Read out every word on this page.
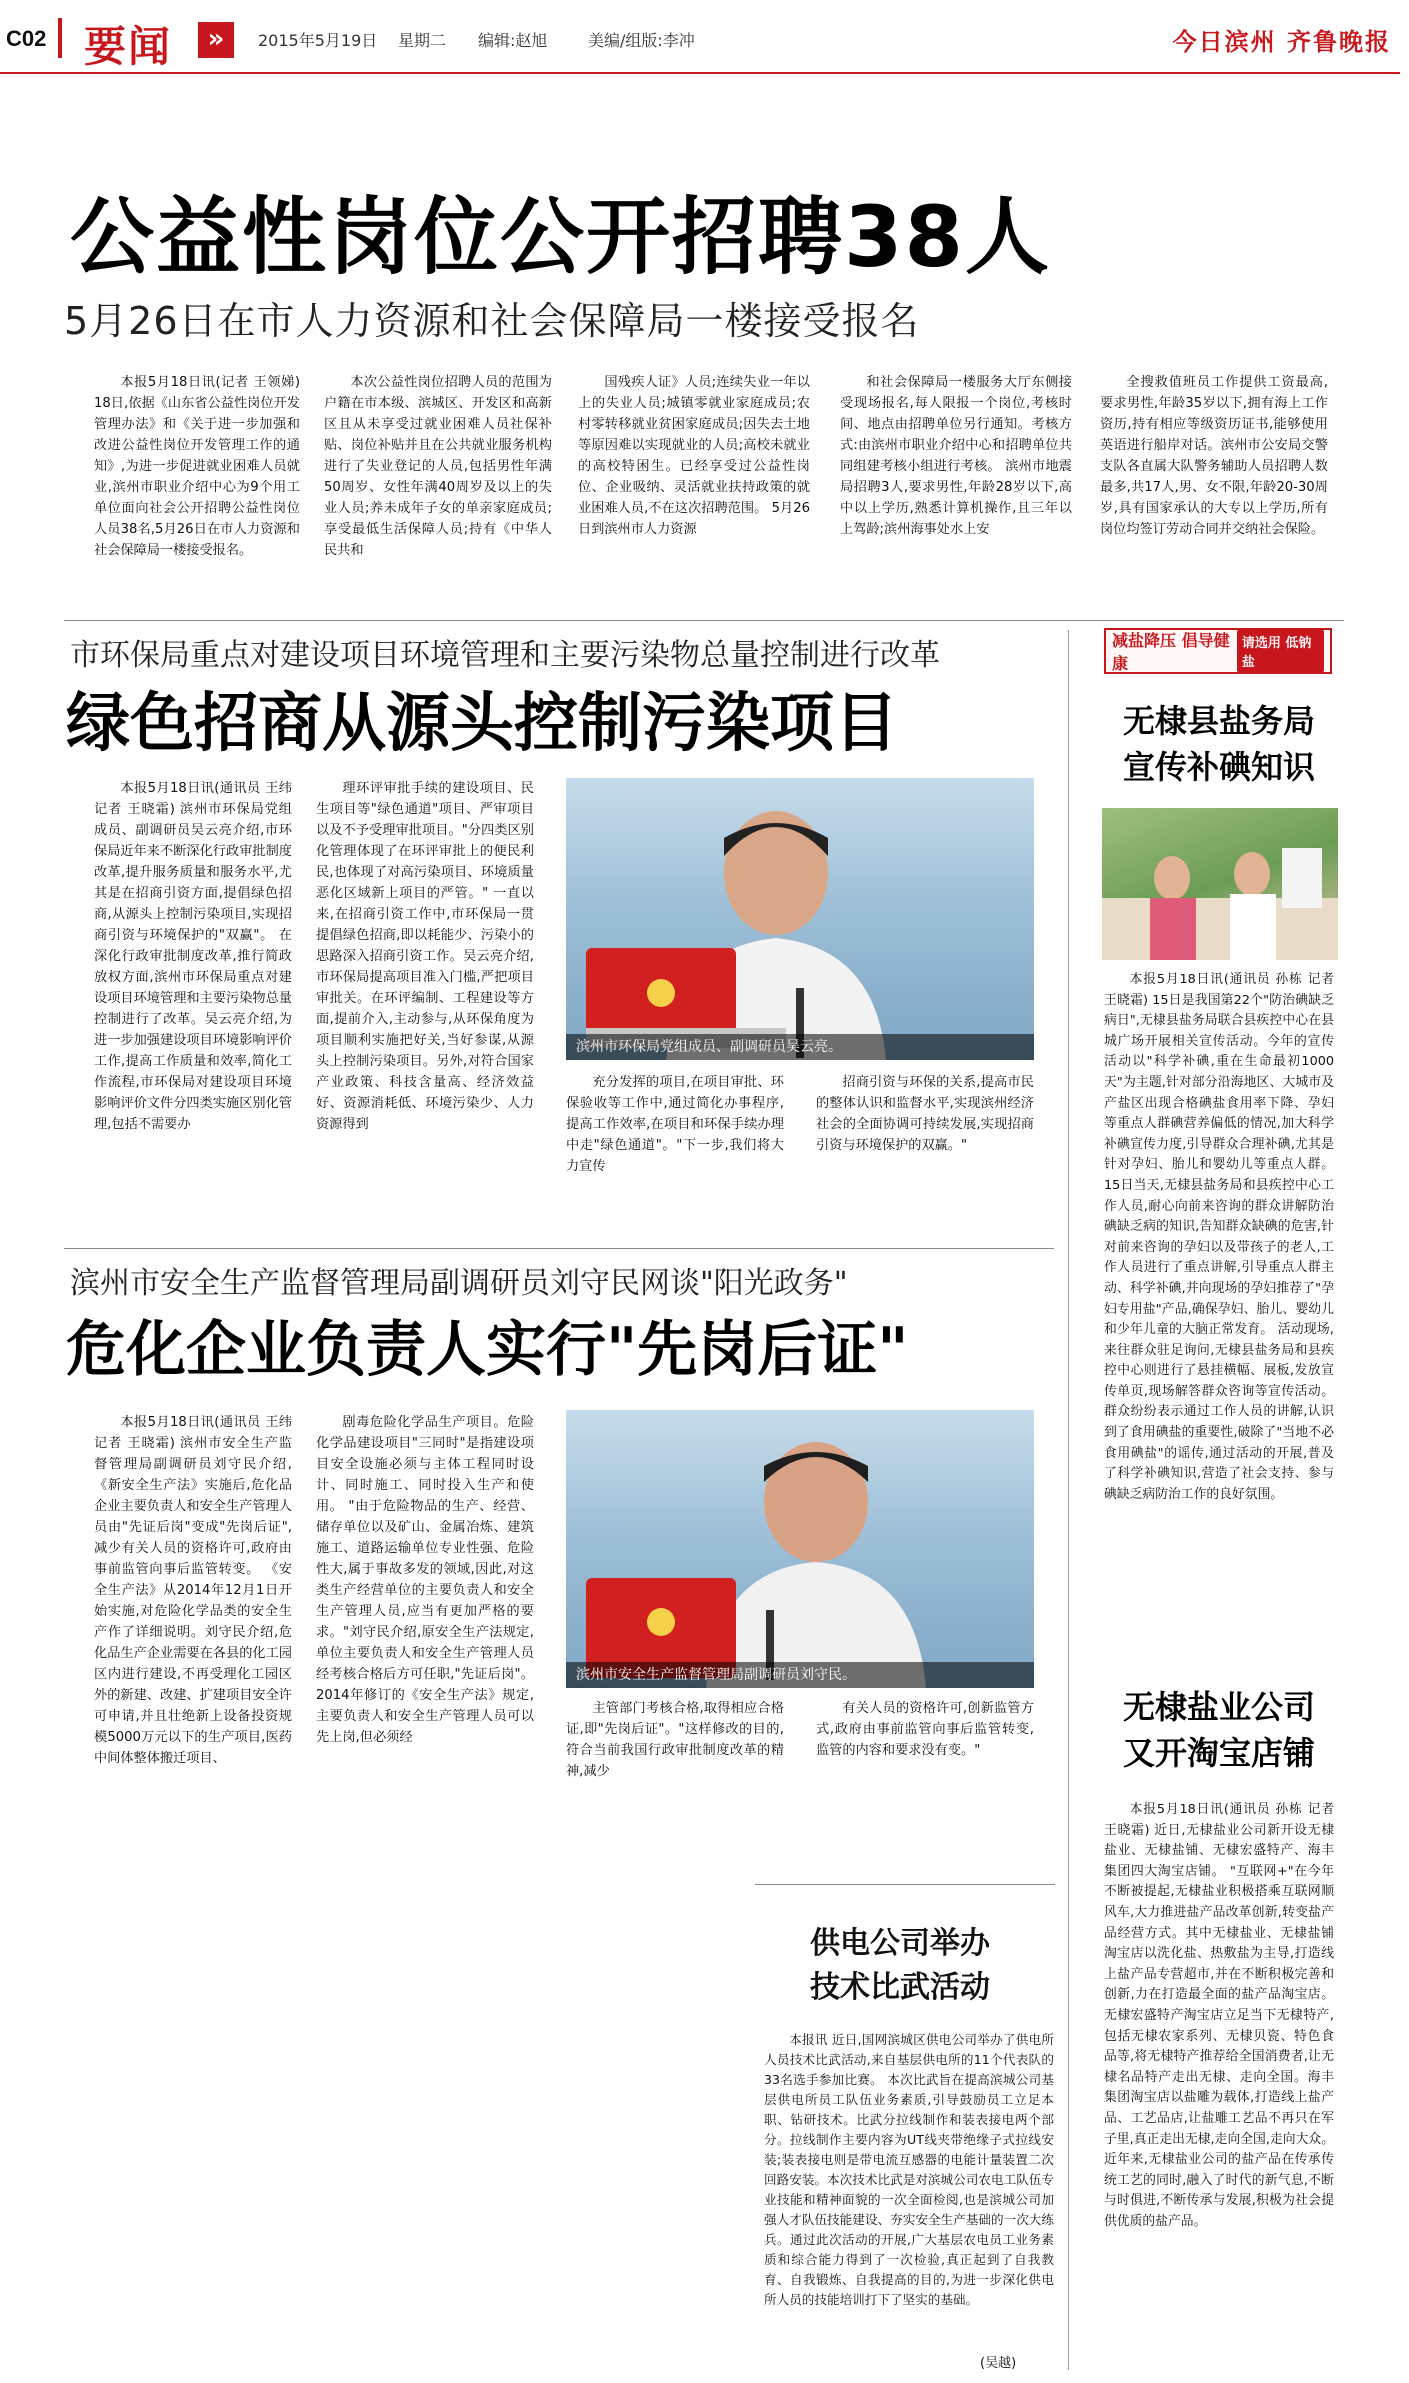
C02 要闻	»	2015年5月19日 星期二 编辑:赵旭	美编/组版:李冲	今日滨州 齐鲁晚报
公益性岗位公开招聘38人
5月26日在市人力资源和社会保障局一楼接受报名

本报5月18日讯(记者 王领娣) 18日,依据《山东省公益性岗位开发管理办法》和《关于进一步加强和改进公益性岗位开发管理工作的通知》,为进一步促进就业困难人员就业,滨州市职业介绍中心为9个用工单位面向社会公开招聘公益性岗位人员38名,5月26日在市人力资源和社会保障局一楼接受报名。

本次公益性岗位招聘人员的范围为户籍在市本级、滨城区、开发区和高新区且从未享受过就业困难人员社保补贴、岗位补贴并且在公共就业服务机构进行了失业登记的人员,包括男性年满50周岁、女性年满40周岁及以上的失业人员;养未成年子女的单亲家庭成员;享受最低生活保障人员;持有《中华人民共和

国残疾人证》人员;连续失业一年以上的失业人员;城镇零就业家庭成员;农村零转移就业贫困家庭成员;因失去土地等原因难以实现就业的人员;高校未就业的高校特困生。已经享受过公益性岗位、企业吸纳、灵活就业扶持政策的就业困难人员,不在这次招聘范围。 5月26日到滨州市人力资源

和社会保障局一楼服务大厅东侧接受现场报名,每人限报一个岗位,考核时间、地点由招聘单位另行通知。考核方式:由滨州市职业介绍中心和招聘单位共同组建考核小组进行考核。 滨州市地震局招聘3人,要求男性,年龄28岁以下,高中以上学历,熟悉计算机操作,且三年以上驾龄;滨州海事处水上安

全搜救值班员工作提供工资最高,要求男性,年龄35岁以下,拥有海上工作资历,持有相应等级资历证书,能够使用英语进行船岸对话。滨州市公安局交警支队各直属大队警务辅助人员招聘人数最多,共17人,男、女不限,年龄20-30周岁,具有国家承认的大专以上学历,所有岗位均签订劳动合同并交纳社会保险。

市环保局重点对建设项目环境管理和主要污染物总量控制进行改革
绿色招商从源头控制污染项目

本报5月18日讯(通讯员 王纬 记者 王晓霜) 滨州市环保局党组成员、副调研员吴云亮介绍,市环保局近年来不断深化行政审批制度改革,提升服务质量和服务水平,尤其是在招商引资方面,提倡绿色招商,从源头上控制污染项目,实现招商引资与环境保护的"双赢"。 在深化行政审批制度改革,推行简政放权方面,滨州市环保局重点对建设项目环境管理和主要污染物总量控制进行了改革。吴云亮介绍,为进一步加强建设项目环境影响评价工作,提高工作质量和效率,简化工作流程,市环保局对建设项目环境影响评价文件分四类实施区别化管理,包括不需要办

理环评审批手续的建设项目、民生项目等"绿色通道"项目、严审项目以及不予受理审批项目。"分四类区别化管理体现了在环评审批上的便民利民,也体现了对高污染项目、环境质量恶化区域新上项目的严管。" 一直以来,在招商引资工作中,市环保局一贯提倡绿色招商,即以耗能少、污染小的思路深入招商引资工作。吴云亮介绍,市环保局提高项目准入门槛,严把项目审批关。在环评编制、工程建设等方面,提前介入,主动参与,从环保角度为项目顺利实施把好关,当好参谋,从源头上控制污染项目。另外,对符合国家产业政策、科技含量高、经济效益好、资源消耗低、环境污染少、人力资源得到

滨州市环保局党组成员、副调研员吴云亮。

充分发挥的项目,在项目审批、环保验收等工作中,通过简化办事程序,提高工作效率,在项目和环保手续办理中走"绿色通道"。"下一步,我们将大力宣传

招商引资与环保的关系,提高市民的整体认识和监督水平,实现滨州经济社会的全面协调可持续发展,实现招商引资与环境保护的双赢。"

滨州市安全生产监督管理局副调研员刘守民网谈"阳光政务"
危化企业负责人实行"先岗后证"

本报5月18日讯(通讯员 王纬 记者 王晓霜) 滨州市安全生产监督管理局副调研员刘守民介绍,《新安全生产法》实施后,危化品企业主要负责人和安全生产管理人员由"先证后岗"变成"先岗后证",减少有关人员的资格许可,政府由事前监管向事后监管转变。 《安全生产法》从2014年12月1日开始实施,对危险化学品类的安全生产作了详细说明。刘守民介绍,危化品生产企业需要在各县的化工园区内进行建设,不再受理化工园区外的新建、改建、扩建项目安全许可申请,并且壮绝新上设备投资规模5000万元以下的生产项目,医药中间体整体搬迁项目、

剧毒危险化学品生产项目。危险化学品建设项目"三同时"是指建设项目安全设施必须与主体工程同时设计、同时施工、同时投入生产和使用。 "由于危险物品的生产、经营、储存单位以及矿山、金属冶炼、建筑施工、道路运输单位专业性强、危险性大,属于事故多发的领域,因此,对这类生产经营单位的主要负责人和安全生产管理人员,应当有更加严格的要求。"刘守民介绍,原安全生产法规定,单位主要负责人和安全生产管理人员经考核合格后方可任职,"先证后岗"。2014年修订的《安全生产法》规定,主要负责人和安全生产管理人员可以先上岗,但必须经

滨州市安全生产监督管理局副调研员刘守民。

主管部门考核合格,取得相应合格证,即"先岗后证"。"这样修改的目的,符合当前我国行政审批制度改革的精神,减少

有关人员的资格许可,创新监管方式,政府由事前监管向事后监管转变,监管的内容和要求没有变。"

供电公司举办
技术比武活动

本报讯 近日,国网滨城区供电公司举办了供电所人员技术比武活动,来自基层供电所的11个代表队的33名选手参加比赛。 本次比武旨在提高滨城公司基层供电所员工队伍业务素质,引导鼓励员工立足本职、钻研技术。比武分拉线制作和装表接电两个部分。拉线制作主要内容为UT线夹带绝缘子式拉线安装;装表接电则是带电流互感器的电能计量装置二次回路安装。本次技术比武是对滨城公司农电工队伍专业技能和精神面貌的一次全面检阅,也是滨城公司加强人才队伍技能建设、夯实安全生产基础的一次大练兵。通过此次活动的开展,广大基层农电员工业务素质和综合能力得到了一次检验,真正起到了自我教育、自我锻炼、自我提高的目的,为进一步深化供电所人员的技能培训打下了坚实的基础。

(吴越)
减盐降压 倡导健康
请选用 低钠盐
无棣县盐务局
宣传补碘知识

本报5月18日讯(通讯员 孙栋 记者 王晓霜) 15日是我国第22个"防治碘缺乏病日",无棣县盐务局联合县疾控中心在县城广场开展相关宣传活动。今年的宣传活动以"科学补碘,重在生命最初1000天"为主题,针对部分沿海地区、大城市及产盐区出现合格碘盐食用率下降、孕妇等重点人群碘营养偏低的情况,加大科学补碘宣传力度,引导群众合理补碘,尤其是针对孕妇、胎儿和婴幼儿等重点人群。 15日当天,无棣县盐务局和县疾控中心工作人员,耐心向前来咨询的群众讲解防治碘缺乏病的知识,告知群众缺碘的危害,针对前来咨询的孕妇以及带孩子的老人,工作人员进行了重点讲解,引导重点人群主动、科学补碘,并向现场的孕妇推荐了"孕妇专用盐"产品,确保孕妇、胎儿、婴幼儿和少年儿童的大脑正常发育。 活动现场,来往群众驻足询问,无棣县盐务局和县疾控中心则进行了悬挂横幅、展板,发放宣传单页,现场解答群众咨询等宣传活动。群众纷纷表示通过工作人员的讲解,认识到了食用碘盐的重要性,破除了"当地不必食用碘盐"的谣传,通过活动的开展,普及了科学补碘知识,营造了社会支持、参与碘缺乏病防治工作的良好氛围。

无棣盐业公司
又开淘宝店铺

本报5月18日讯(通讯员 孙栋 记者 王晓霜) 近日,无棣盐业公司新开设无棣盐业、无棣盐铺、无棣宏盛特产、海丰集团四大淘宝店铺。 "互联网+"在今年不断被提起,无棣盐业积极搭乘互联网顺风车,大力推进盐产品改革创新,转变盐产品经营方式。其中无棣盐业、无棣盐铺淘宝店以洗化盐、热敷盐为主导,打造线上盐产品专营超市,并在不断积极完善和创新,力在打造最全面的盐产品淘宝店。无棣宏盛特产淘宝店立足当下无棣特产,包括无棣农家系列、无棣贝瓷、特色食品等,将无棣特产推荐给全国消费者,让无棣名品特产走出无棣、走向全国。海丰集团淘宝店以盐雕为载体,打造线上盐产品、工艺品店,让盐雕工艺品不再只在军子里,真正走出无棣,走向全国,走向大众。近年来,无棣盐业公司的盐产品在传承传统工艺的同时,融入了时代的新气息,不断与时俱进,不断传承与发展,积极为社会提供优质的盐产品。
